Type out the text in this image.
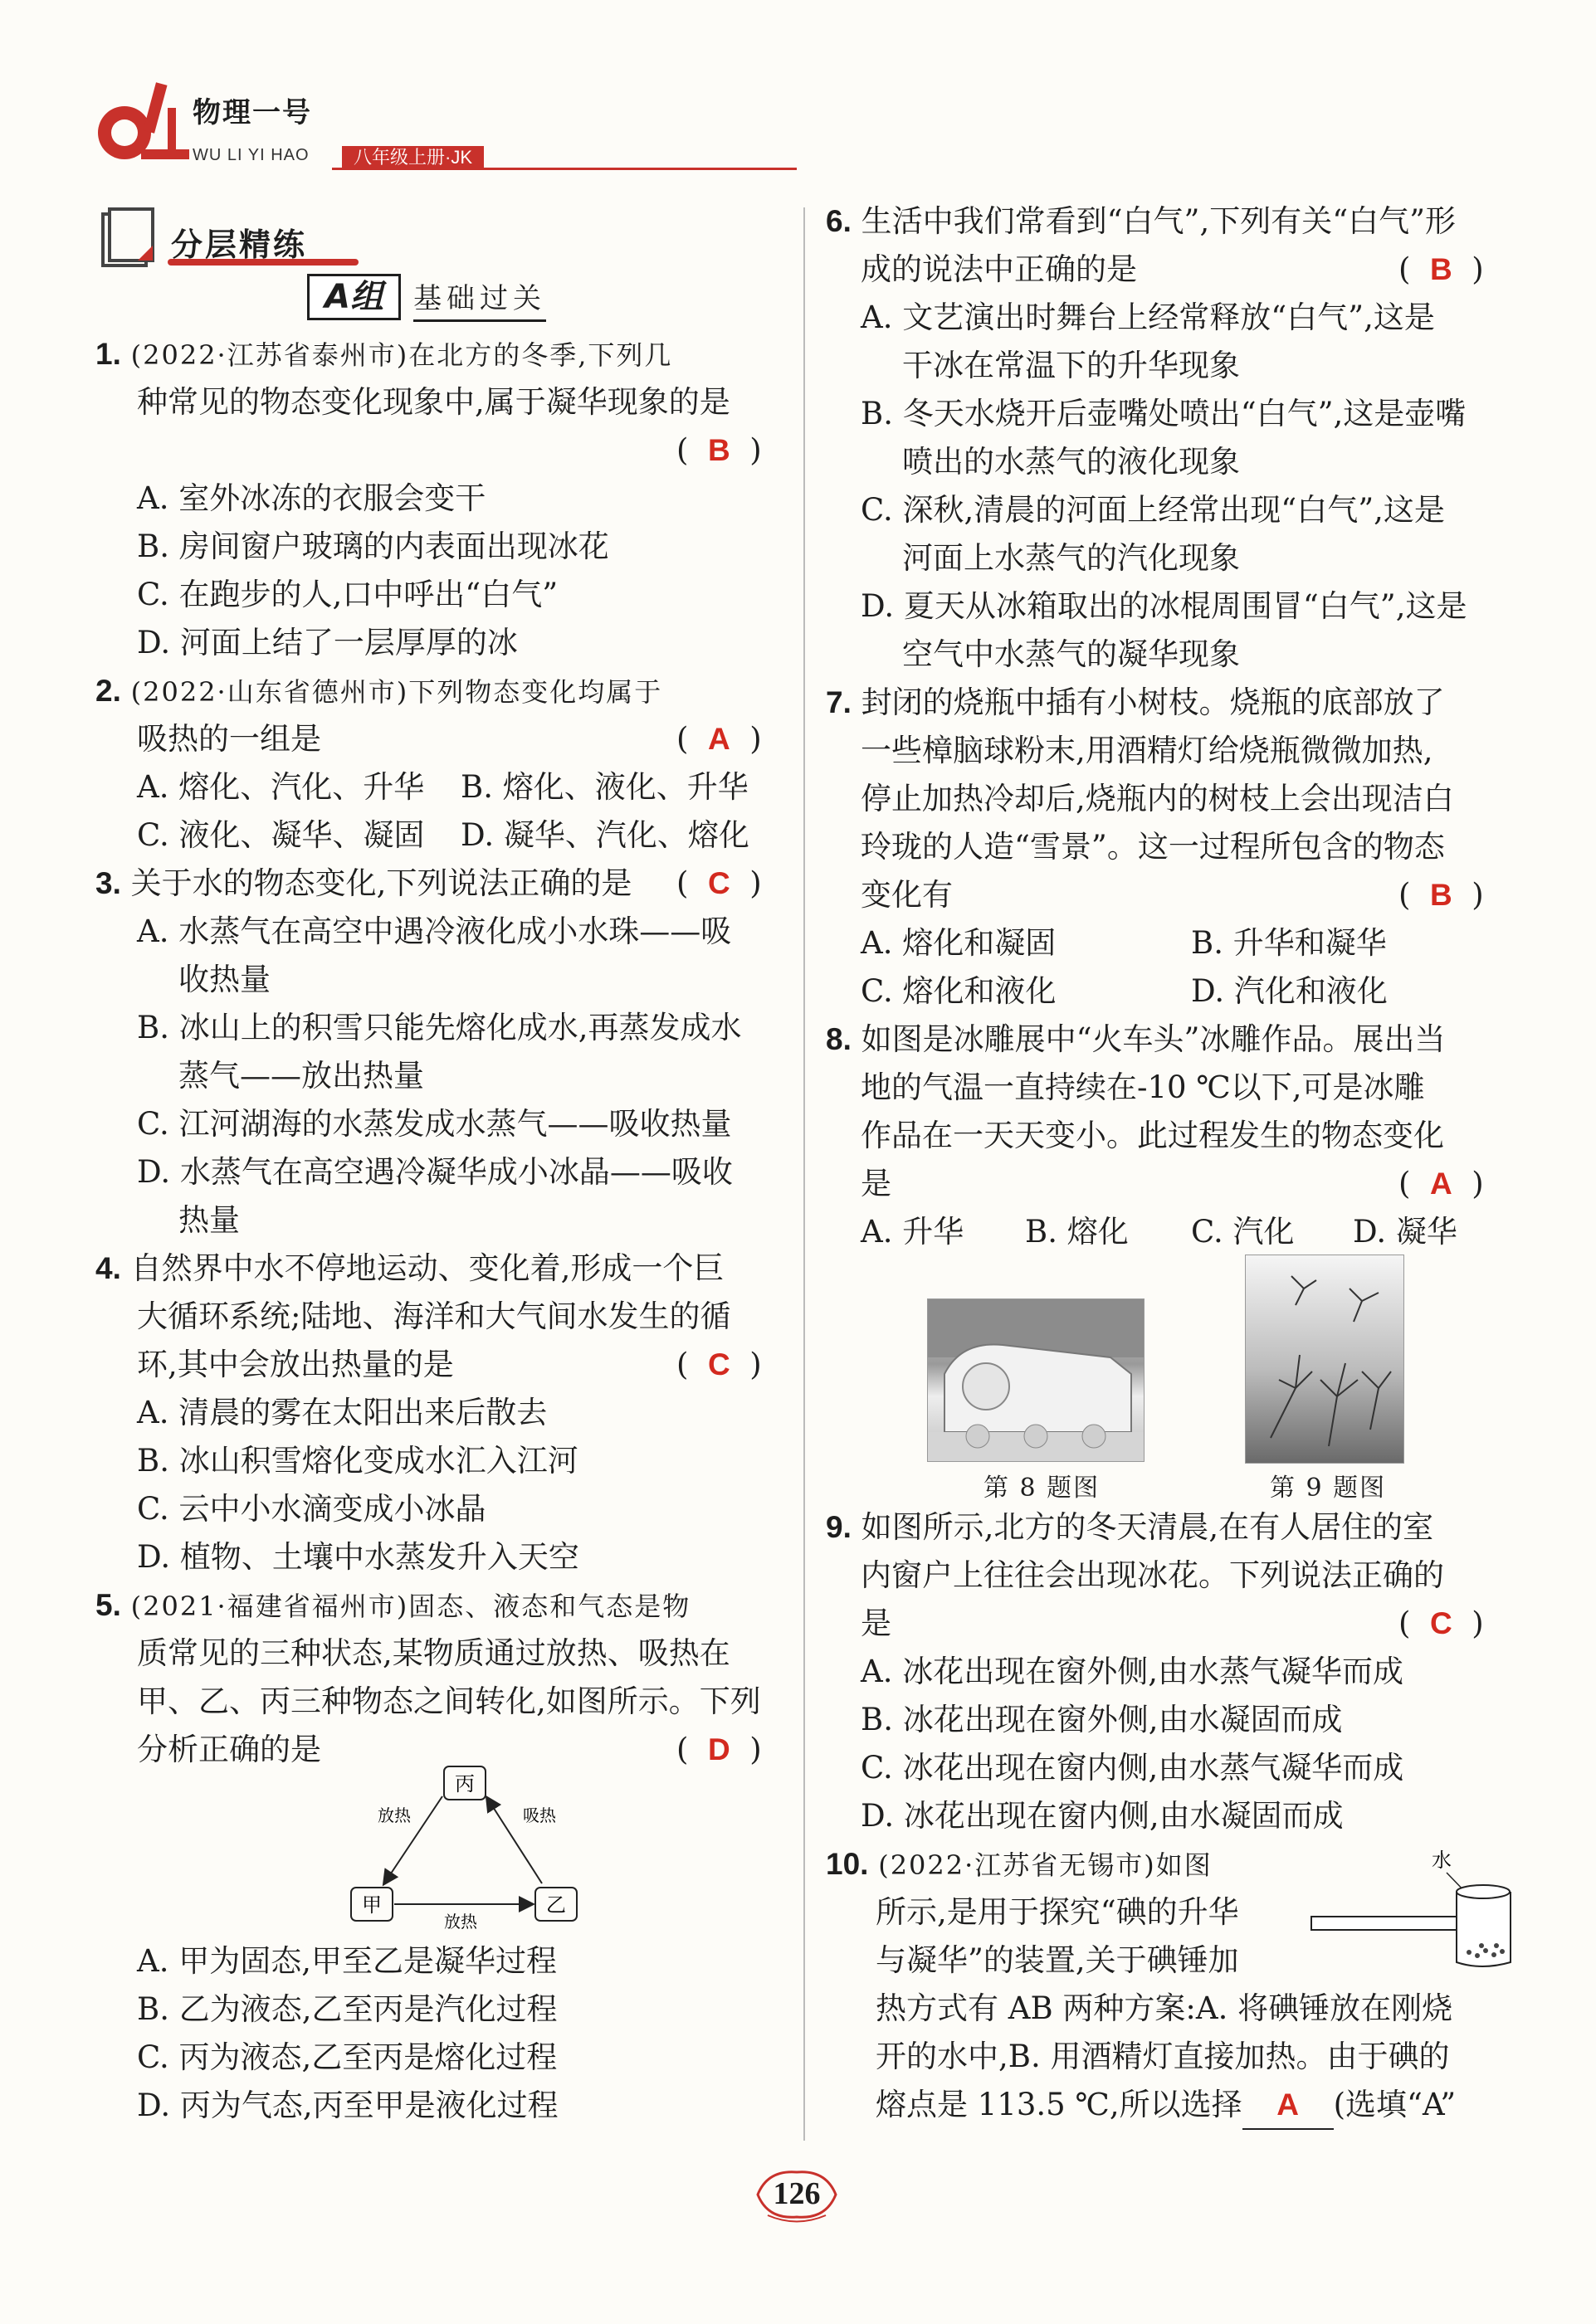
物理一号
WU LI YI HAO	八年级上册·JK
分层精练
A组 基础过关
1. (2022·江苏省泰州市)在北方的冬季,下列几
种常见的物态变化现象中,属于凝华现象的是
(  B  )
A. 室外冰冻的衣服会变干
B. 房间窗户玻璃的内表面出现冰花
C. 在跑步的人,口中呼出“白气”
D. 河面上结了一层厚厚的冰
2. (2022·山东省德州市)下列物态变化均属于
吸热的一组是	(  A  )
A. 熔化、汽化、升华 B. 熔化、液化、升华
C. 液化、凝华、凝固 D. 凝华、汽化、熔化
3. 关于水的物态变化,下列说法正确的是 (  C  )
A. 水蒸气在高空中遇冷液化成小水珠——吸
收热量
B. 冰山上的积雪只能先熔化成水,再蒸发成水
蒸气——放出热量
C. 江河湖海的水蒸发成水蒸气——吸收热量
D. 水蒸气在高空遇冷凝华成小冰晶——吸收
热量
4. 自然界中水不停地运动、变化着,形成一个巨
大循环系统;陆地、海洋和大气间水发生的循
环,其中会放出热量的是	(  C  )
A. 清晨的雾在太阳出来后散去
B. 冰山积雪熔化变成水汇入江河
C. 云中小水滴变成小冰晶
D. 植物、土壤中水蒸发升入天空
5. (2021·福建省福州市)固态、液态和气态是物
质常见的三种状态,某物质通过放热、吸热在
甲、乙、丙三种物态之间转化,如图所示。下列
分析正确的是	(  D  )
A. 甲为固态,甲至乙是凝华过程
B. 乙为液态,乙至丙是汽化过程
C. 丙为液态,乙至丙是熔化过程
D. 丙为气态,丙至甲是液化过程
丙
甲	乙
放热	吸热
放热
6. 生活中我们常看到“白气”,下列有关“白气”形
成的说法中正确的是	(  B  )
A. 文艺演出时舞台上经常释放“白气”,这是
干冰在常温下的升华现象
B. 冬天水烧开后壶嘴处喷出“白气”,这是壶嘴
喷出的水蒸气的液化现象
C. 深秋,清晨的河面上经常出现“白气”,这是
河面上水蒸气的汽化现象
D. 夏天从冰箱取出的冰棍周围冒“白气”,这是
空气中水蒸气的凝华现象
7. 封闭的烧瓶中插有小树枝。烧瓶的底部放了
一些樟脑球粉末,用酒精灯给烧瓶微微加热,
停止加热冷却后,烧瓶内的树枝上会出现洁白
玲珑的人造“雪景”。这一过程所包含的物态
变化有	(  B  )
A. 熔化和凝固	B. 升华和凝华
C. 熔化和液化	D. 汽化和液化
8. 如图是冰雕展中“火车头”冰雕作品。展出当
地的气温一直持续在-10 ℃以下,可是冰雕
作品在一天天变小。此过程发生的物态变化
是	(  A  )
A. 升华 B. 熔化 C. 汽化 D. 凝华
9. 如图所示,北方的冬天清晨,在有人居住的室
内窗户上往往会出现冰花。下列说法正确的
是	(  C  )
A. 冰花出现在窗外侧,由水蒸气凝华而成
B. 冰花出现在窗外侧,由水凝固而成
C. 冰花出现在窗内侧,由水蒸气凝华而成
D. 冰花出现在窗内侧,由水凝固而成
10. (2022·江苏省无锡市)如图
所示,是用于探究“碘的升华
与凝华”的装置,关于碘锤加
热方式有 AB 两种方案:A. 将碘锤放在刚烧
开的水中,B. 用酒精灯直接加热。由于碘的
熔点是 113.5 ℃,所以选择 A (选填“A”
第 8 题图	第 9 题图
水
126
